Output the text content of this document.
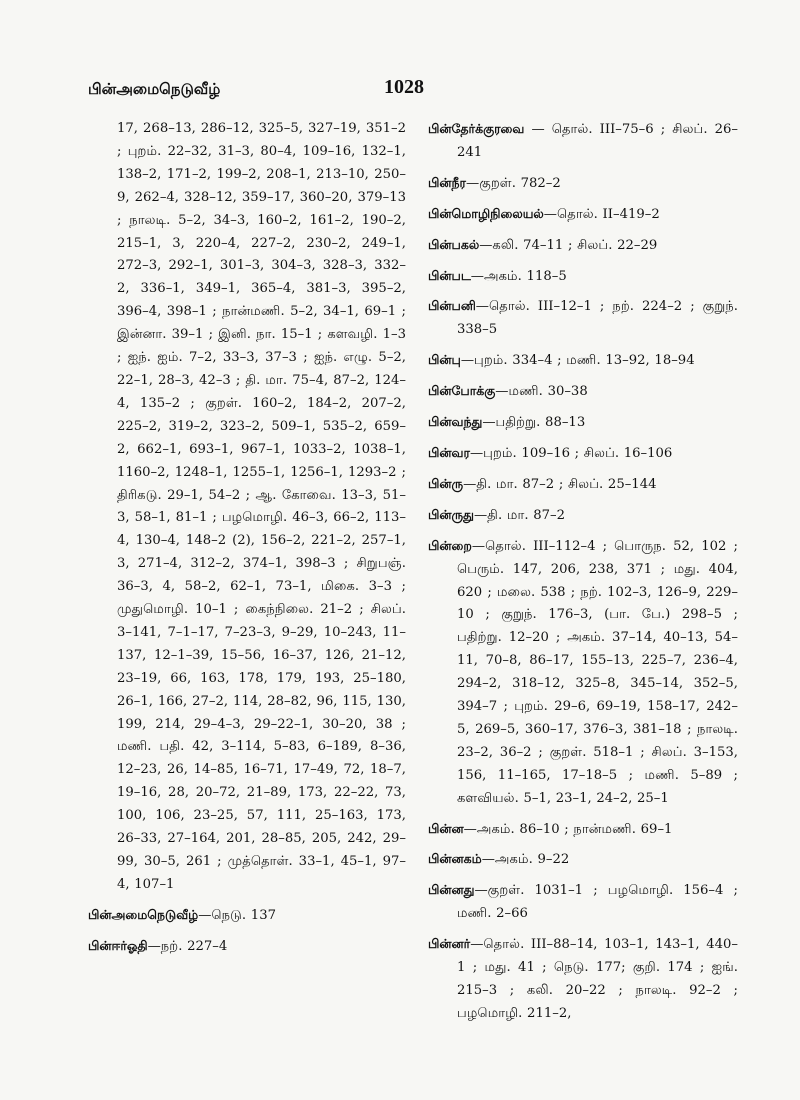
பின்அமைநெடுவீழ்	1028

17, 268–13, 286–12, 325–5, 327–19, 351–2 ; புறம். 22–32, 31–3, 80–4, 109–16, 132–1, 138–2, 171–2, 199–2, 208–1, 213–10, 250–9, 262–4, 328–12, 359–17, 360–20, 379–13 ; நாலடி. 5–2, 34–3, 160–2, 161–2, 190–2, 215–1, 3, 220–4, 227–2, 230–2, 249–1, 272–3, 292–1, 301–3, 304–3, 328–3, 332–2, 336–1, 349–1, 365–4, 381–3, 395–2, 396–4, 398–1 ; நான்மணி. 5–2, 34–1, 69–1 ; இன்னா. 39–1 ; இனி. நா. 15–1 ; களவழி. 1–3 ; ஐந். ஐம். 7–2, 33–3, 37–3 ; ஐந். எழு. 5–2, 22–1, 28–3, 42–3 ; தி. மா. 75–4, 87–2, 124–4, 135–2 ; குறள். 160–2, 184–2, 207–2, 225–2, 319–2, 323–2, 509–1, 535–2, 659–2, 662–1, 693–1, 967–1, 1033–2, 1038–1, 1160–2, 1248–1, 1255–1, 1256–1, 1293–2 ; திரிகடு. 29–1, 54–2 ; ஆ. கோவை. 13–3, 51–3, 58–1, 81–1 ; பழமொழி. 46–3, 66–2, 113–4, 130–4, 148–2 (2), 156–2, 221–2, 257–1, 3, 271–4, 312–2, 374–1, 398–3 ; சிறுபஞ். 36–3, 4, 58–2, 62–1, 73–1, மிகை. 3–3 ; முதுமொழி. 10–1 ; கைந்நிலை. 21–2 ; சிலப். 3–141, 7–1–17, 7–23–3, 9–29, 10–243, 11–137, 12–1–39, 15–56, 16–37, 126, 21–12, 23–19, 66, 163, 178, 179, 193, 25–180, 26–1, 166, 27–2, 114, 28–82, 96, 115, 130, 199, 214, 29–4–3, 29–22–1, 30–20, 38 ; மணி. பதி. 42, 3–114, 5–83, 6–189, 8–36, 12–23, 26, 14–85, 16–71, 17–49, 72, 18–7, 19–16, 28, 20–72, 21–89, 173, 22–22, 73, 100, 106, 23–25, 57, 111, 25–163, 173, 26–33, 27–164, 201, 28–85, 205, 242, 29–99, 30–5, 261 ; முத்தொள். 33–1, 45–1, 97–4, 107–1

பின்அமைநெடுவீழ்—நெடு. 137

பின்ஈர்ஓதி—நற். 227–4

பின்தேர்க்குரவை — தொல். III–75–6 ; சிலப். 26–241

பின்நீர—குறள். 782–2

பின்மொழிநிலையல்—தொல். II–419–2

பின்பகல்—கலி. 74–11 ; சிலப். 22–29

பின்பட—அகம். 118–5

பின்பனி—தொல். III–12–1 ; நற். 224–2 ; குறுந். 338–5

பின்பு—புறம். 334–4 ; மணி. 13–92, 18–94

பின்போக்கு—மணி. 30–38

பின்வந்து—பதிற்று. 88–13

பின்வர—புறம். 109–16 ; சிலப். 16–106

பின்ரு—தி. மா. 87–2 ; சிலப். 25–144

பின்ருது—தி. மா. 87–2

பின்றை—தொல். III–112–4 ; பொருந. 52, 102 ; பெரும். 147, 206, 238, 371 ; மது. 404, 620 ; மலை. 538 ; நற். 102–3, 126–9, 229–10 ; குறுந். 176–3, (பா. பே.) 298–5 ; பதிற்று. 12–20 ; அகம். 37–14, 40–13, 54–11, 70–8, 86–17, 155–13, 225–7, 236–4, 294–2, 318–12, 325–8, 345–14, 352–5, 394–7 ; புறம். 29–6, 69–19, 158–17, 242–5, 269–5, 360–17, 376–3, 381–18 ; நாலடி. 23–2, 36–2 ; குறள். 518–1 ; சிலப். 3–153, 156, 11–165, 17–18–5 ; மணி. 5–89 ; களவியல். 5–1, 23–1, 24–2, 25–1

பின்ன—அகம். 86–10 ; நான்மணி. 69–1

பின்னகம்—அகம். 9–22

பின்னது—குறள். 1031–1 ; பழமொழி. 156–4 ; மணி. 2–66

பின்னர்—தொல். III–88–14, 103–1, 143–1, 440–1 ; மது. 41 ; நெடு. 177; குறி. 174 ; ஐங். 215–3 ; கலி. 20–22 ; நாலடி. 92–2 ; பழமொழி. 211–2,
